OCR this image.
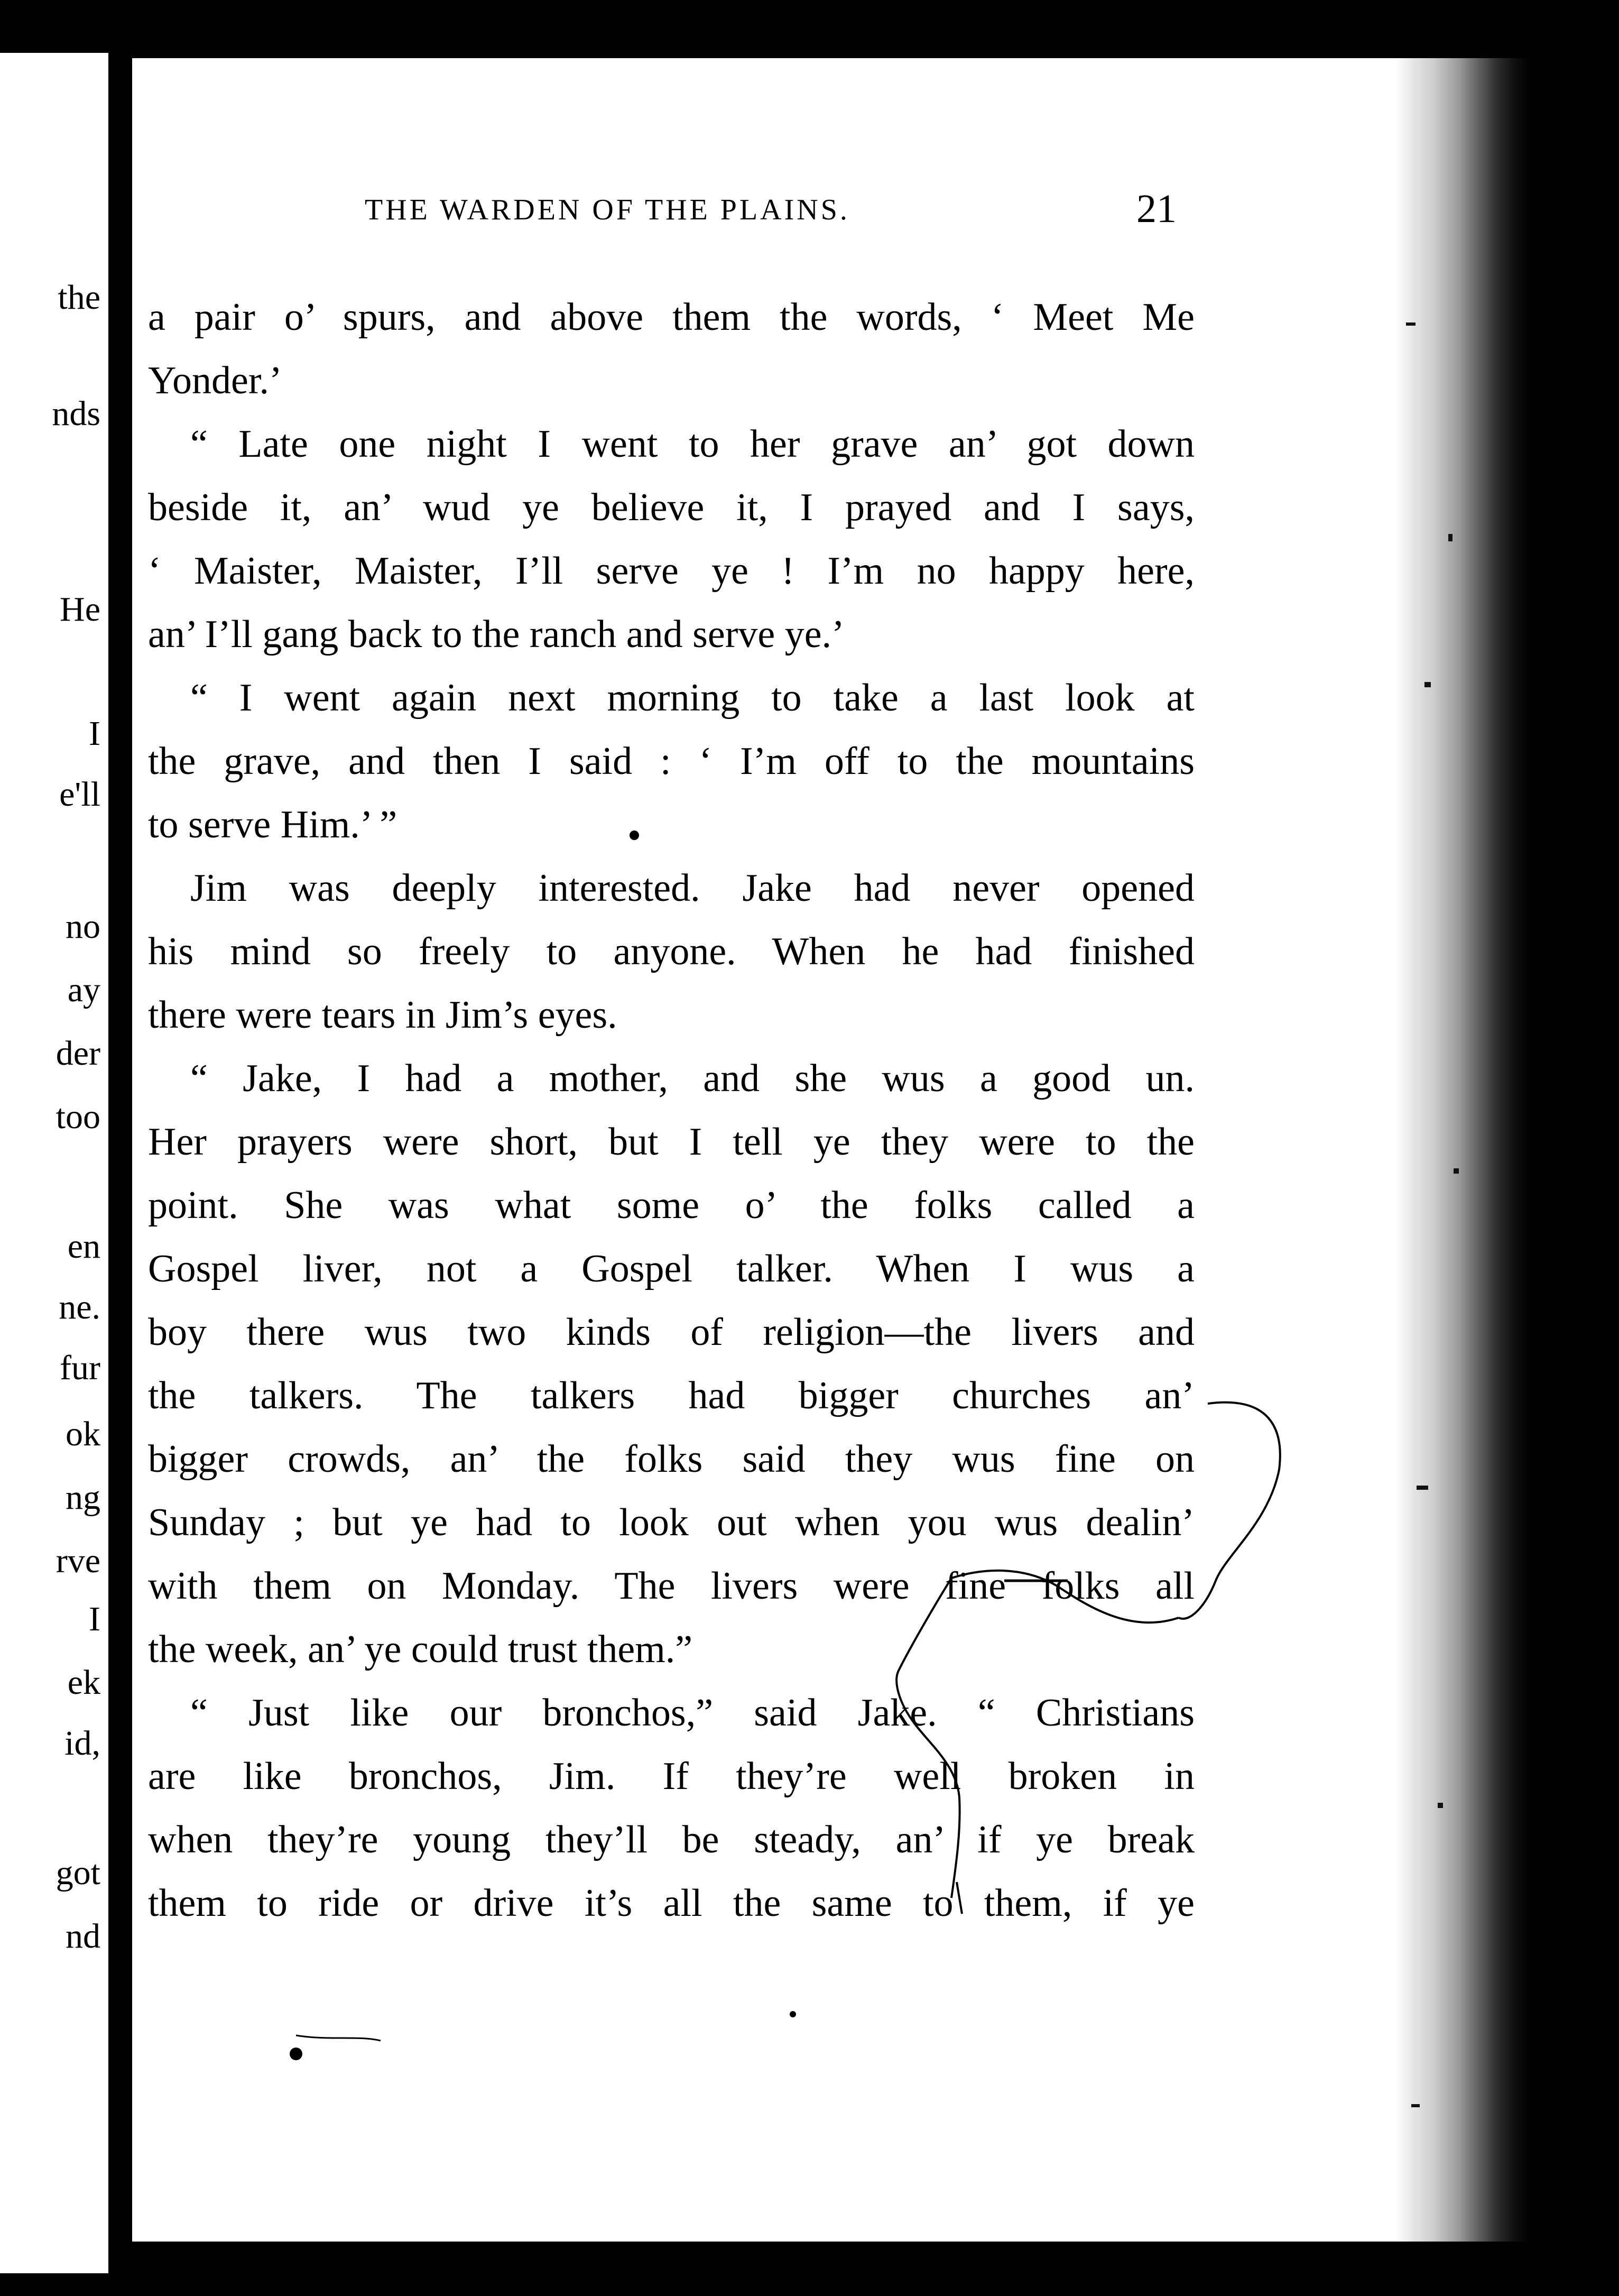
the
nds
He
I
e'll
no
ay
der
too
en
ne.
fur
ok
ng
rve
I
ek
id,
got
nd
THE WARDEN OF THE PLAINS.	21
a pair o’ spurs, and above them the words, ‘ Meet Me
Yonder.’
“ Late one night I went to her grave an’ got down
beside it, an’ wud ye believe it, I prayed and I says,
‘ Maister, Maister, I’ll serve ye ! I’m no happy here,
an’ I’ll gang back to the ranch and serve ye.’
“ I went again next morning to take a last look at
the grave, and then I said : ‘ I’m off to the mountains
to serve Him.’ ”
Jim was deeply interested. Jake had never opened
his mind so freely to anyone. When he had finished
there were tears in Jim’s eyes.
“ Jake, I had a mother, and she wus a good un.
Her prayers were short, but I tell ye they were to the
point. She was what some o’ the folks called a
Gospel liver, not a Gospel talker. When I wus a
boy there wus two kinds of religion—the livers and
the talkers. The talkers had bigger churches an’
bigger crowds, an’ the folks said they wus fine on
Sunday ; but ye had to look out when you wus dealin’
with them on Monday. The livers were fine folks all
the week, an’ ye could trust them.”
“ Just like our bronchos,” said Jake. “ Christians
are like bronchos, Jim. If they’re well broken in
when they’re young they’ll be steady, an’ if ye break
them to ride or drive it’s all the same to them, if ye
